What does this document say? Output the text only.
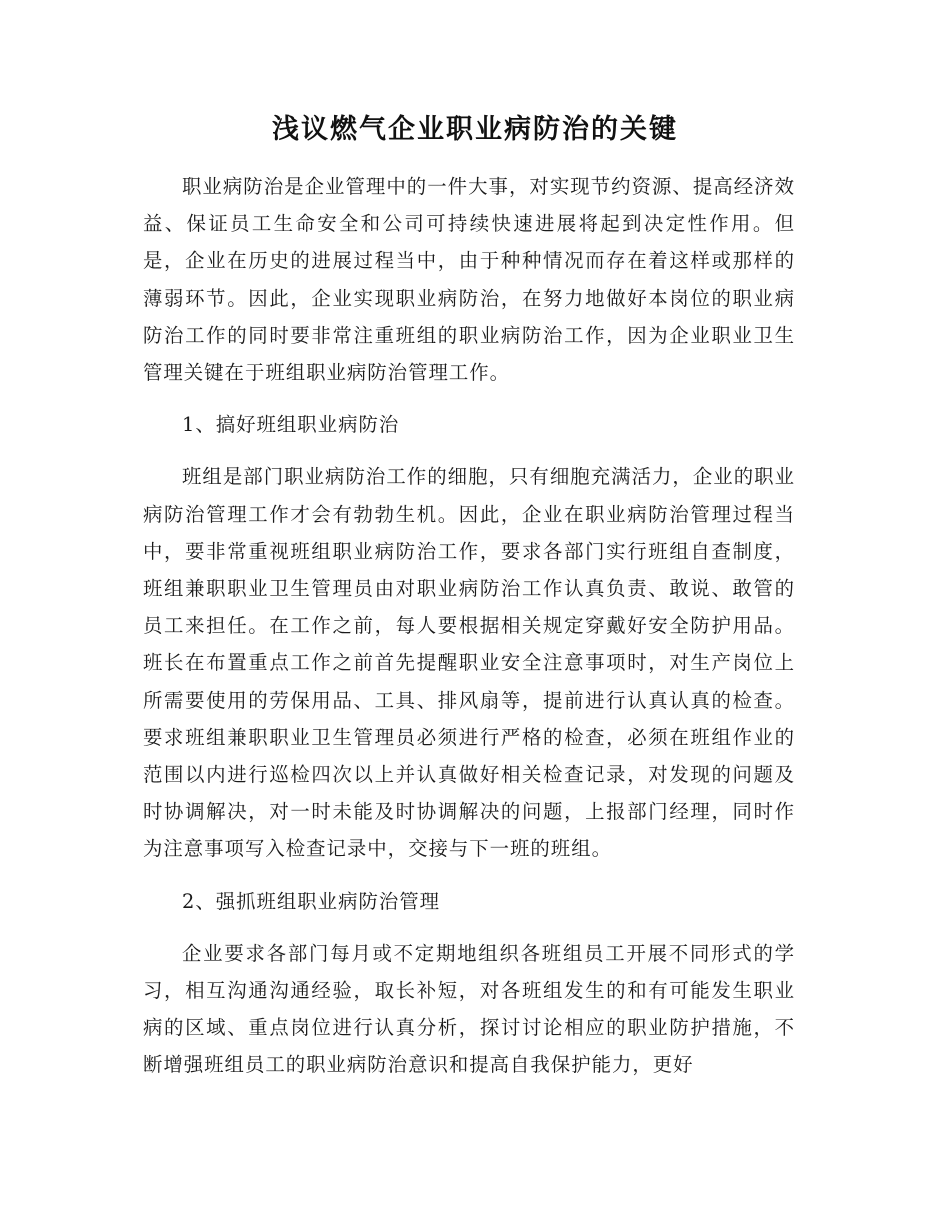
浅议燃气企业职业病防治的关键

职业病防治是企业管理中的一件大事，对实现节约资源、提高经济效益、保证员工生命安全和公司可持续快速进展将起到决定性作用。但是，企业在历史的进展过程当中，由于种种情况而存在着这样或那样的薄弱环节。因此，企业实现职业病防治，在努力地做好本岗位的职业病防治工作的同时要非常注重班组的职业病防治工作，因为企业职业卫生管理关键在于班组职业病防治管理工作。

1、搞好班组职业病防治

班组是部门职业病防治工作的细胞，只有细胞充满活力，企业的职业病防治管理工作才会有勃勃生机。因此，企业在职业病防治管理过程当中，要非常重视班组职业病防治工作，要求各部门实行班组自查制度，班组兼职职业卫生管理员由对职业病防治工作认真负责、敢说、敢管的员工来担任。在工作之前，每人要根据相关规定穿戴好安全防护用品。班长在布置重点工作之前首先提醒职业安全注意事项时，对生产岗位上所需要使用的劳保用品、工具、排风扇等，提前进行认真认真的检查。要求班组兼职职业卫生管理员必须进行严格的检查，必须在班组作业的范围以内进行巡检四次以上并认真做好相关检查记录，对发现的问题及时协调解决，对一时未能及时协调解决的问题，上报部门经理，同时作为注意事项写入检查记录中，交接与下一班的班组。

2、强抓班组职业病防治管理

企业要求各部门每月或不定期地组织各班组员工开展不同形式的学习，相互沟通沟通经验，取长补短，对各班组发生的和有可能发生职业病的区域、重点岗位进行认真分析，探讨讨论相应的职业防护措施，不断增强班组员工的职业病防治意识和提高自我保护能力，更好
